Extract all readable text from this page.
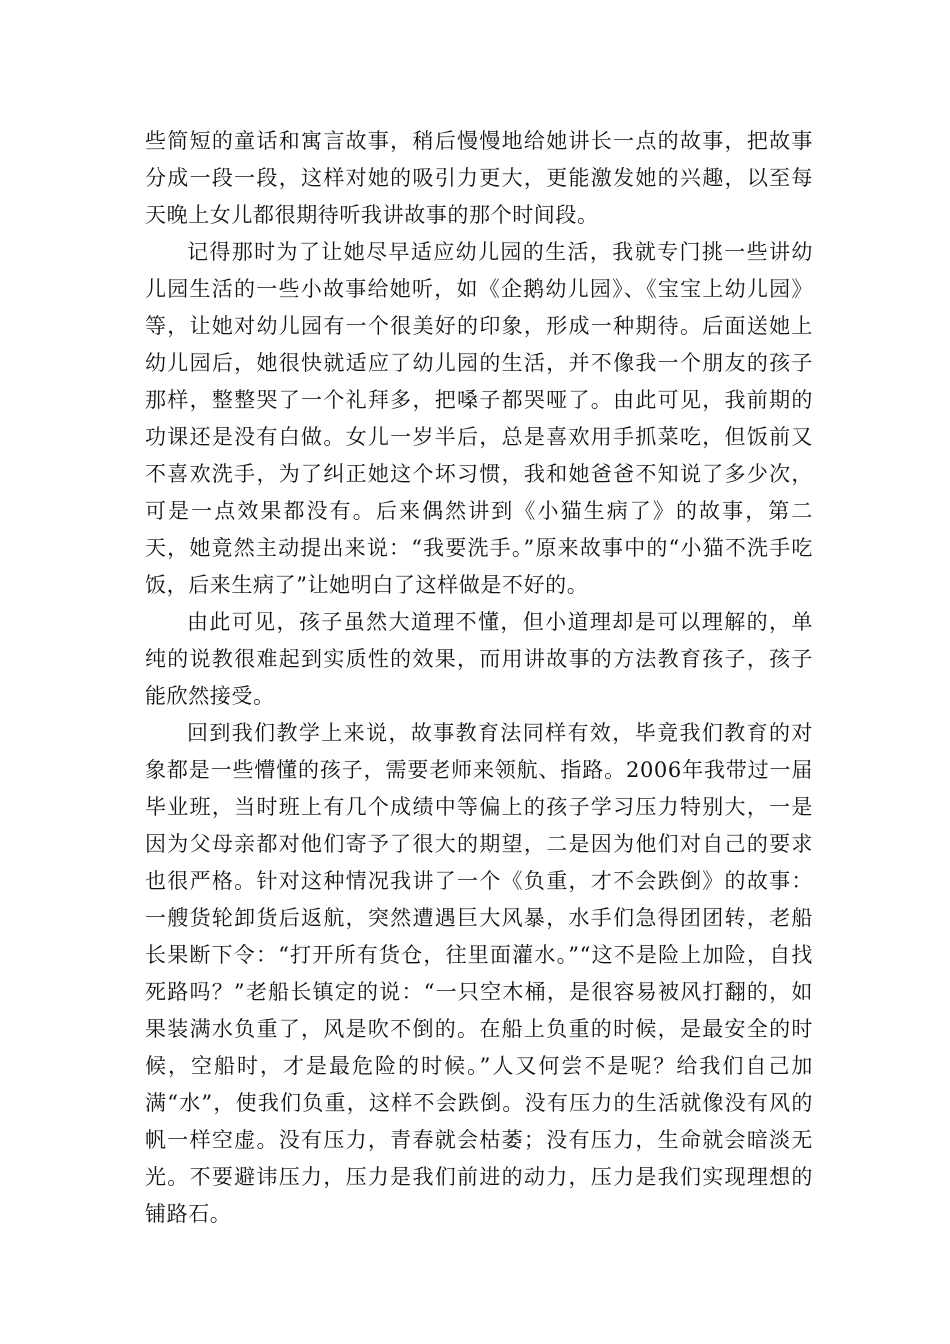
些简短的童话和寓言故事，稍后慢慢地给她讲长一点的故事，把故事分成一段一段，这样对她的吸引力更大，更能激发她的兴趣，以至每天晚上女儿都很期待听我讲故事的那个时间段。

记得那时为了让她尽早适应幼儿园的生活，我就专门挑一些讲幼儿园生活的一些小故事给她听，如《企鹅幼儿园》、《宝宝上幼儿园》等，让她对幼儿园有一个很美好的印象，形成一种期待。后面送她上幼儿园后，她很快就适应了幼儿园的生活，并不像我一个朋友的孩子那样，整整哭了一个礼拜多，把嗓子都哭哑了。由此可见，我前期的功课还是没有白做。女儿一岁半后，总是喜欢用手抓菜吃，但饭前又不喜欢洗手，为了纠正她这个坏习惯，我和她爸爸不知说了多少次，可是一点效果都没有。后来偶然讲到《小猫生病了》的故事，第二天，她竟然主动提出来说：“我要洗手。”原来故事中的“小猫不洗手吃饭，后来生病了”让她明白了这样做是不好的。

由此可见，孩子虽然大道理不懂，但小道理却是可以理解的，单纯的说教很难起到实质性的效果，而用讲故事的方法教育孩子，孩子能欣然接受。

回到我们教学上来说，故事教育法同样有效，毕竟我们教育的对象都是一些懵懂的孩子，需要老师来领航、指路。2006年我带过一届毕业班，当时班上有几个成绩中等偏上的孩子学习压力特别大，一是因为父母亲都对他们寄予了很大的期望，二是因为他们对自己的要求也很严格。针对这种情况我讲了一个《负重，才不会跌倒》的故事：一艘货轮卸货后返航，突然遭遇巨大风暴，水手们急得团团转，老船长果断下令：“打开所有货仓，往里面灌水。”“这不是险上加险，自找死路吗？”老船长镇定的说：“一只空木桶，是很容易被风打翻的，如果装满水负重了，风是吹不倒的。在船上负重的时候，是最安全的时候，空船时，才是最危险的时候。”人又何尝不是呢？给我们自己加满“水”，使我们负重，这样不会跌倒。没有压力的生活就像没有风的帆一样空虚。没有压力，青春就会枯萎；没有压力，生命就会暗淡无光。不要避讳压力，压力是我们前进的动力，压力是我们实现理想的铺路石。
